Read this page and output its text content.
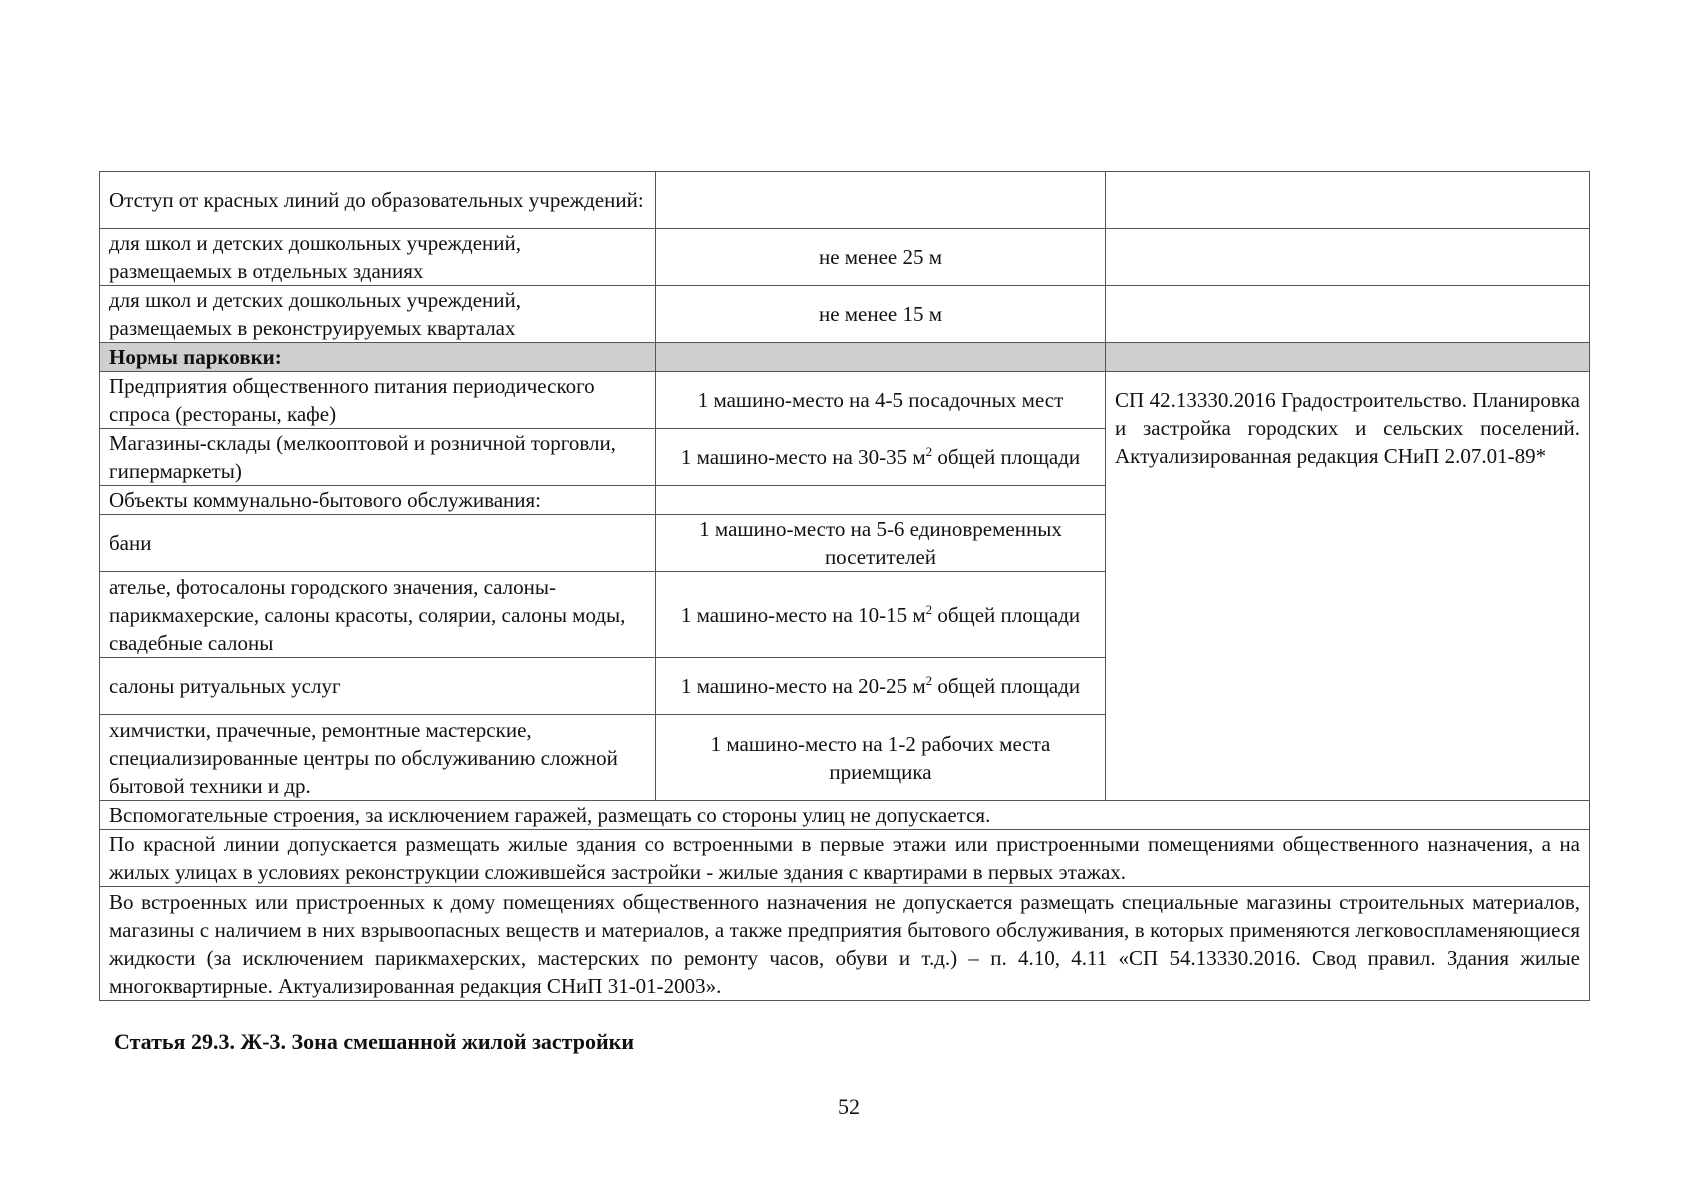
Отступ от красных линий до образовательных учреждений:		
для школ и детских дошкольных учреждений, размещаемых в отдельных зданиях	не менее 25 м	
для школ и детских дошкольных учреждений, размещаемых в реконструируемых кварталах	не менее 15 м	
Нормы парковки:		
Предприятия общественного питания периодического спроса (рестораны, кафе)	1 машино-место на 4-5 посадочных мест	СП 42.13330.2016 Градостроительство. Планировка и застройка городских и сельских поселений. Актуализированная редакция СНиП 2.07.01-89*
Магазины-склады (мелкооптовой и розничной торговли, гипермаркеты)	1 машино-место на 30-35 $м^2$ общей площади	
Объекты коммунально-бытового обслуживания:		
бани	1 машино-место на 5-6 единовременных посетителей	
ателье, фотосалоны городского значения, салоны-парикмахерские, салоны красоты, солярии, салоны моды, свадебные салоны	1 машино-место на 10-15 $м^2$ общей площади	
салоны ритуальных услуг	1 машино-место на 20-25 $м^2$ общей площади	
химчистки, прачечные, ремонтные мастерские, специализированные центры по обслуживанию сложной бытовой техники и др.	1 машино-место на 1-2 рабочих места приемщика	
Вспомогательные строения, за исключением гаражей, размещать со стороны улиц не допускается.		
По красной линии допускается размещать жилые здания со встроенными в первые этажи или пристроенными помещениями общественного назначения, а на жилых улицах в условиях реконструкции сложившейся застройки - жилые здания с квартирами в первых этажах.		
Во встроенных или пристроенных к дому помещениях общественного назначения не допускается размещать специальные магазины строительных материалов, магазины с наличием в них взрывоопасных веществ и материалов, а также предприятия бытового обслуживания, в которых применяются легковоспламеняющиеся жидкости (за исключением парикмахерских, мастерских по ремонту часов, обуви и т.д.) – п. 4.10, 4.11 «СП 54.13330.2016. Свод правил. Здания жилые многоквартирные. Актуализированная редакция СНиП 31-01-2003».		

Статья 29.3. Ж-3. Зона смешанной жилой застройки

52
